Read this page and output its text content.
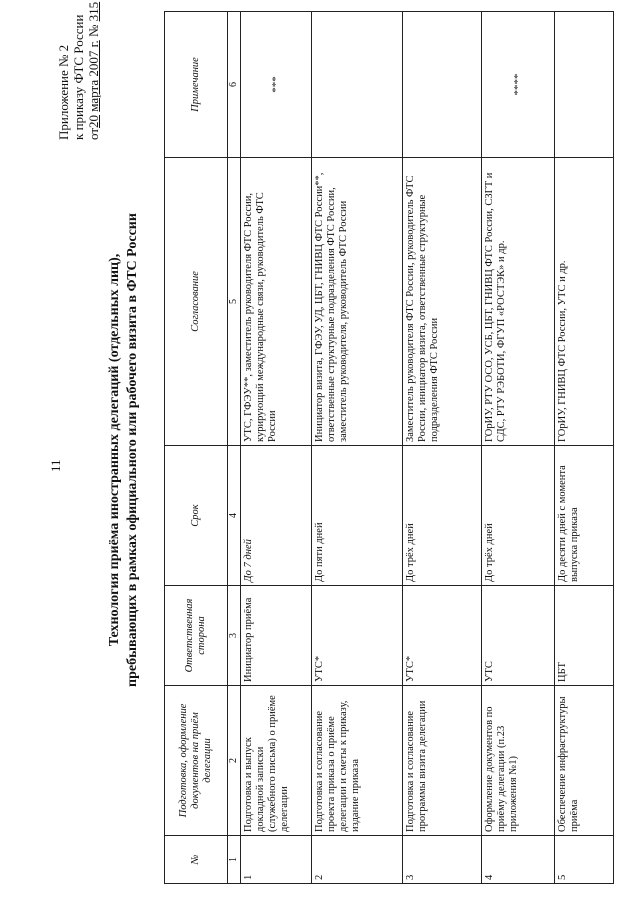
11
Приложение № 2 к приказу ФТС России от20 марта 2007 г. № 315
Технология приёма иностранных делегаций (отдельных лиц), пребывающих в рамках официального или рабочего визита в ФТС России
№	Подготовка, оформление документов на приём делегации	Ответственная сторона	Срок	Согласование	Примечание
1	2	3	4	5	6
1	Подготовка и выпуск докладной записки (служебного письма) о приёме делегации	Инициатор приёма	До 7 дней	УТС, ГФЭУ**, заместитель руководителя ФТС России, курирующий международные связи, руководитель ФТС России	***
2	Подготовка и согласование проекта приказа о приёме делегации и сметы к приказу, издание приказа	УТС*	До пяти дней	Инициатор визита, ГФЭУ, УД, ЦБТ, ГНИВЦ ФТС России**, ответственные структурные подразделения ФТС России, заместитель руководителя, руководитель ФТС России	
3	Подготовка и согласование программы визита делегации	УТС*	До трёх дней	Заместитель руководителя ФТС России, руководитель ФТС России, инициатор визита, ответственные структурные подразделения ФТС России	
4	Оформление документов по приёму делегации (п.23 приложения №1)	УТС	До трёх дней	ГОрИУ, РТУ ОСО, УСБ, ЦБТ, ГНИВЦ ФТС России, СЗГТ и СДС, РТУ РЭБОТИ, ФГУП «РОСТЭК» и др.	****
5	Обеспечение инфраструктуры приёма	ЦБТ	До десяти дней с момента выпуска приказа	ГОрИУ, ГНИВЦ ФТС России, УТС и др.	
